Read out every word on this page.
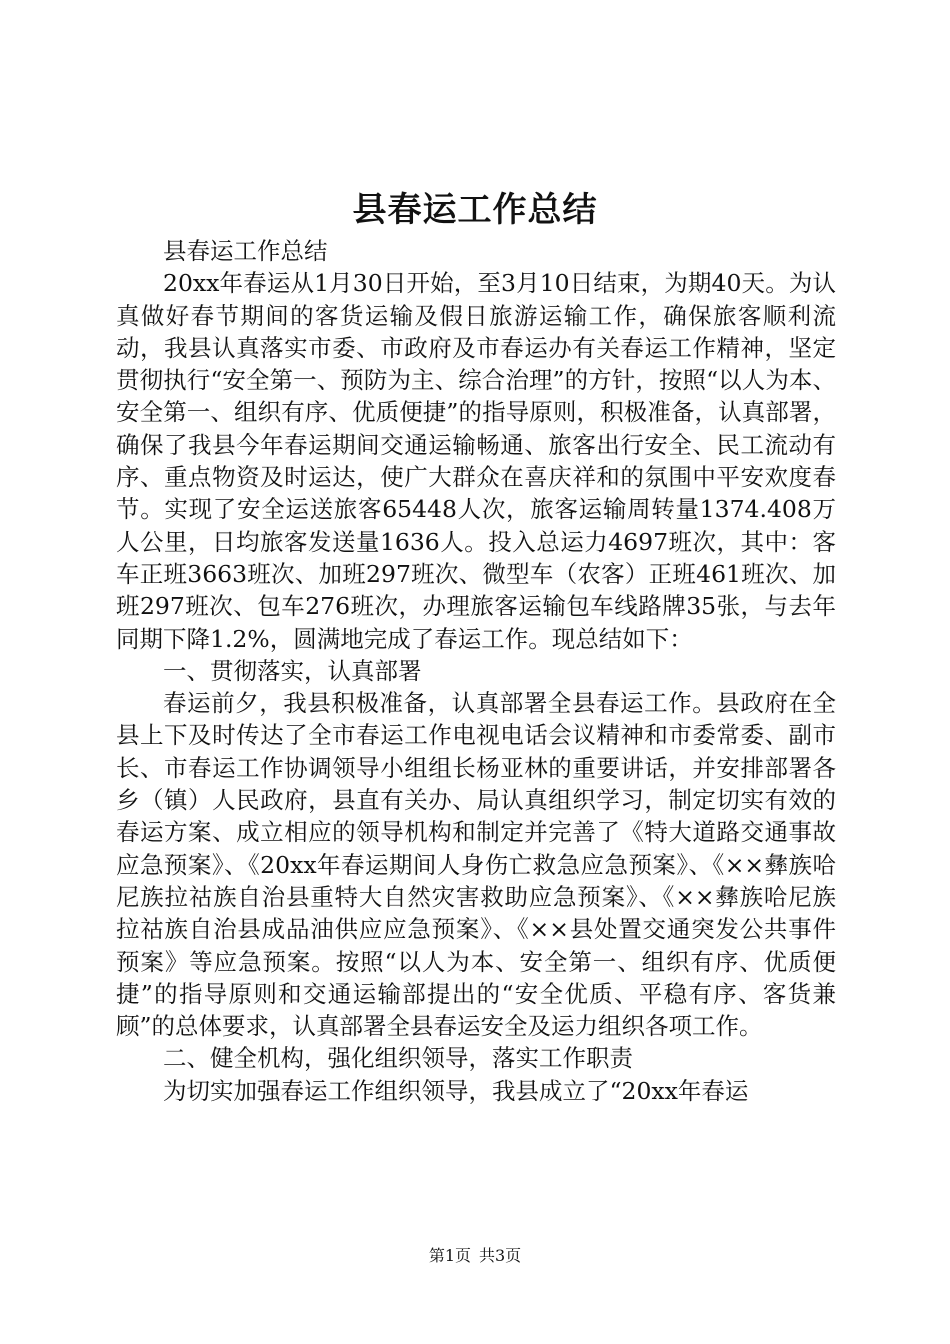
县春运工作总结

县春运工作总结

20xx年春运从1月30日开始，至3月10日结束，为期40天。为认真做好春节期间的客货运输及假日旅游运输工作，确保旅客顺利流动，我县认真落实市委、市政府及市春运办有关春运工作精神，坚定贯彻执行“安全第一、预防为主、综合治理”的方针，按照“以人为本、安全第一、组织有序、优质便捷”的指导原则，积极准备，认真部署，确保了我县今年春运期间交通运输畅通、旅客出行安全、民工流动有序、重点物资及时运达，使广大群众在喜庆祥和的氛围中平安欢度春节。实现了安全运送旅客65448人次，旅客运输周转量1374.408万人公里，日均旅客发送量1636人。投入总运力4697班次，其中：客车正班3663班次、加班297班次、微型车（农客）正班461班次、加班297班次、包车276班次，办理旅客运输包车线路牌35张，与去年同期下降1.2%，圆满地完成了春运工作。现总结如下：

一、贯彻落实，认真部署

春运前夕，我县积极准备，认真部署全县春运工作。县政府在全县上下及时传达了全市春运工作电视电话会议精神和市委常委、副市长、市春运工作协调领导小组组长杨亚林的重要讲话，并安排部署各乡（镇）人民政府，县直有关办、局认真组织学习，制定切实有效的春运方案、成立相应的领导机构和制定并完善了《特大道路交通事故应急预案》、《20xx年春运期间人身伤亡救急应急预案》、《××彝族哈尼族拉祜族自治县重特大自然灾害救助应急预案》、《××彝族哈尼族拉祜族自治县成品油供应应急预案》、《××县处置交通突发公共事件预案》等应急预案。按照“以人为本、安全第一、组织有序、优质便捷”的指导原则和交通运输部提出的“安全优质、平稳有序、客货兼顾”的总体要求，认真部署全县春运安全及运力组织各项工作。

二、健全机构，强化组织领导，落实工作职责

为切实加强春运工作组织领导，我县成立了“20xx年春运

第1页 共3页
